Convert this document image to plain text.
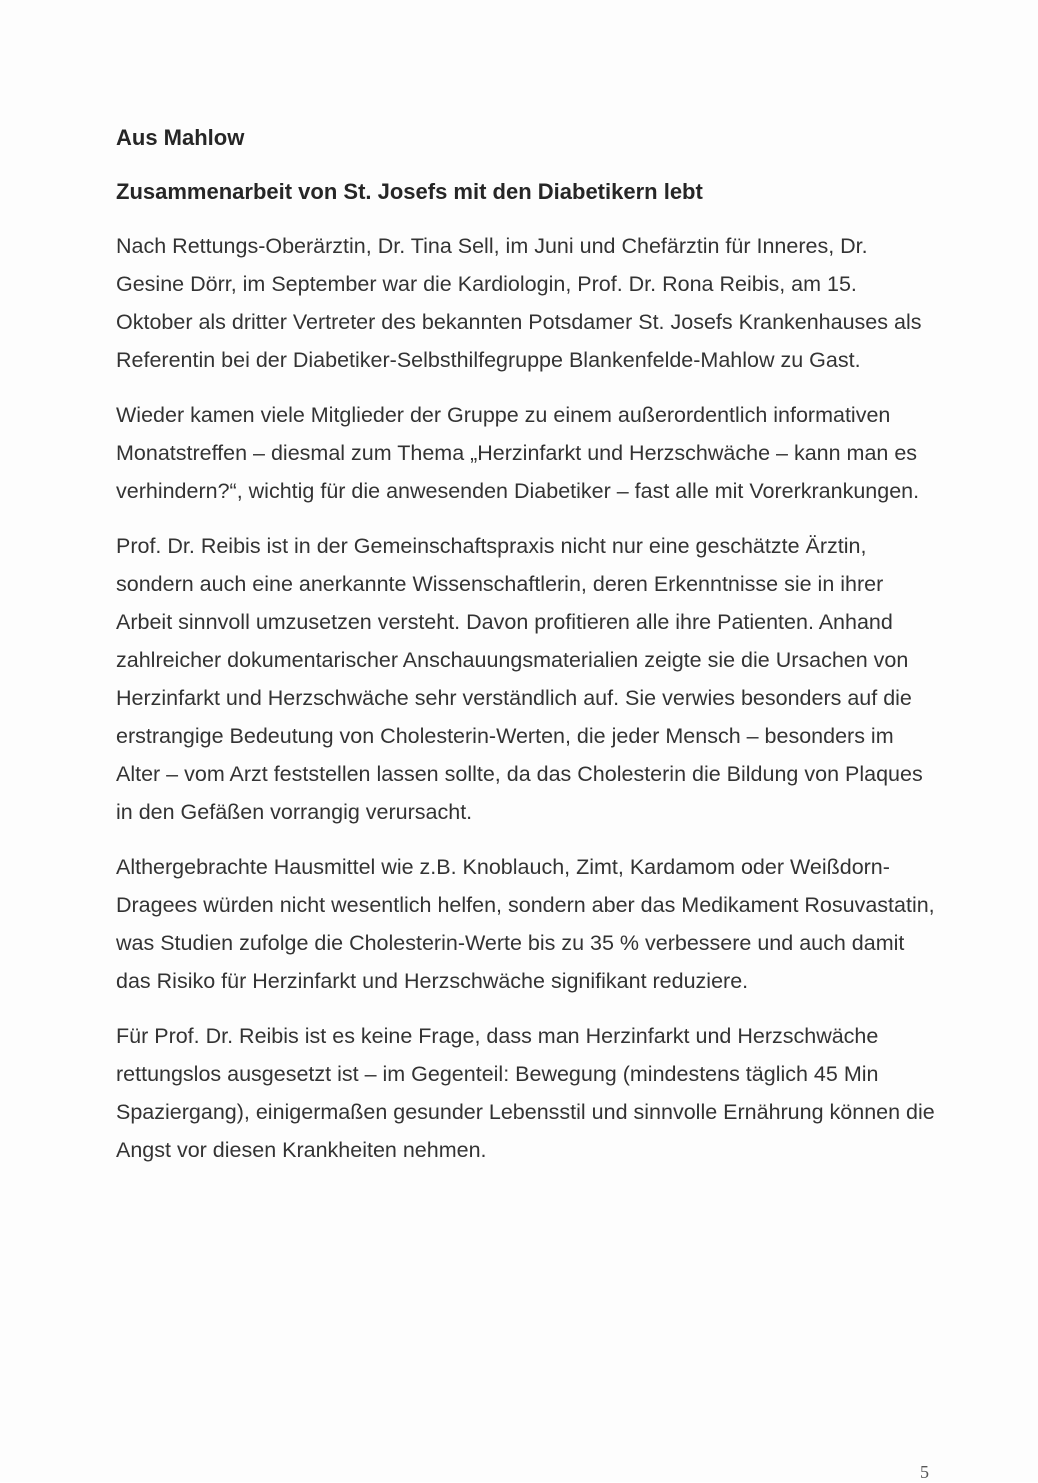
Aus Mahlow
Zusammenarbeit von St. Josefs mit den Diabetikern lebt

Nach Rettungs-Oberärztin, Dr. Tina Sell, im Juni und Chefärztin für Inneres, Dr. Gesine Dörr, im September war die Kardiologin, Prof. Dr. Rona Reibis, am 15. Oktober als dritter Vertreter des bekannten Potsdamer St. Josefs Krankenhauses als Referentin bei der Diabetiker-Selbsthilfegruppe Blankenfelde-Mahlow zu Gast.

Wieder kamen viele Mitglieder der Gruppe zu einem außerordentlich informativen Monatstreffen – diesmal zum Thema „Herzinfarkt und Herzschwäche – kann man es verhindern?“, wichtig für die anwesenden Diabetiker – fast alle mit Vorerkrankungen.

Prof. Dr. Reibis ist in der Gemeinschaftspraxis nicht nur eine geschätzte Ärztin, sondern auch eine anerkannte Wissenschaftlerin, deren Erkenntnisse sie in ihrer Arbeit sinnvoll umzusetzen versteht. Davon profitieren alle ihre Patienten. Anhand zahlreicher dokumentarischer Anschauungsmaterialien zeigte sie die Ursachen von Herzinfarkt und Herzschwäche sehr verständlich auf. Sie verwies besonders auf die erstrangige Bedeutung von Cholesterin-Werten, die jeder Mensch – besonders im Alter – vom Arzt feststellen lassen sollte, da das Cholesterin die Bildung von Plaques in den Gefäßen vorrangig verursacht.

Althergebrachte Hausmittel wie z.B. Knoblauch, Zimt, Kardamom oder Weißdorn-Dragees würden nicht wesentlich helfen, sondern aber das Medikament Rosuvastatin, was Studien zufolge die Cholesterin-Werte bis zu 35 % verbessere und auch damit das Risiko für Herzinfarkt und Herzschwäche signifikant reduziere.

Für Prof. Dr. Reibis ist es keine Frage, dass man Herzinfarkt und Herzschwäche rettungslos ausgesetzt ist – im Gegenteil: Bewegung (mindestens täglich 45 Min Spaziergang), einigermaßen gesunder Lebensstil und sinnvolle Ernährung können die Angst vor diesen Krankheiten nehmen.

5
